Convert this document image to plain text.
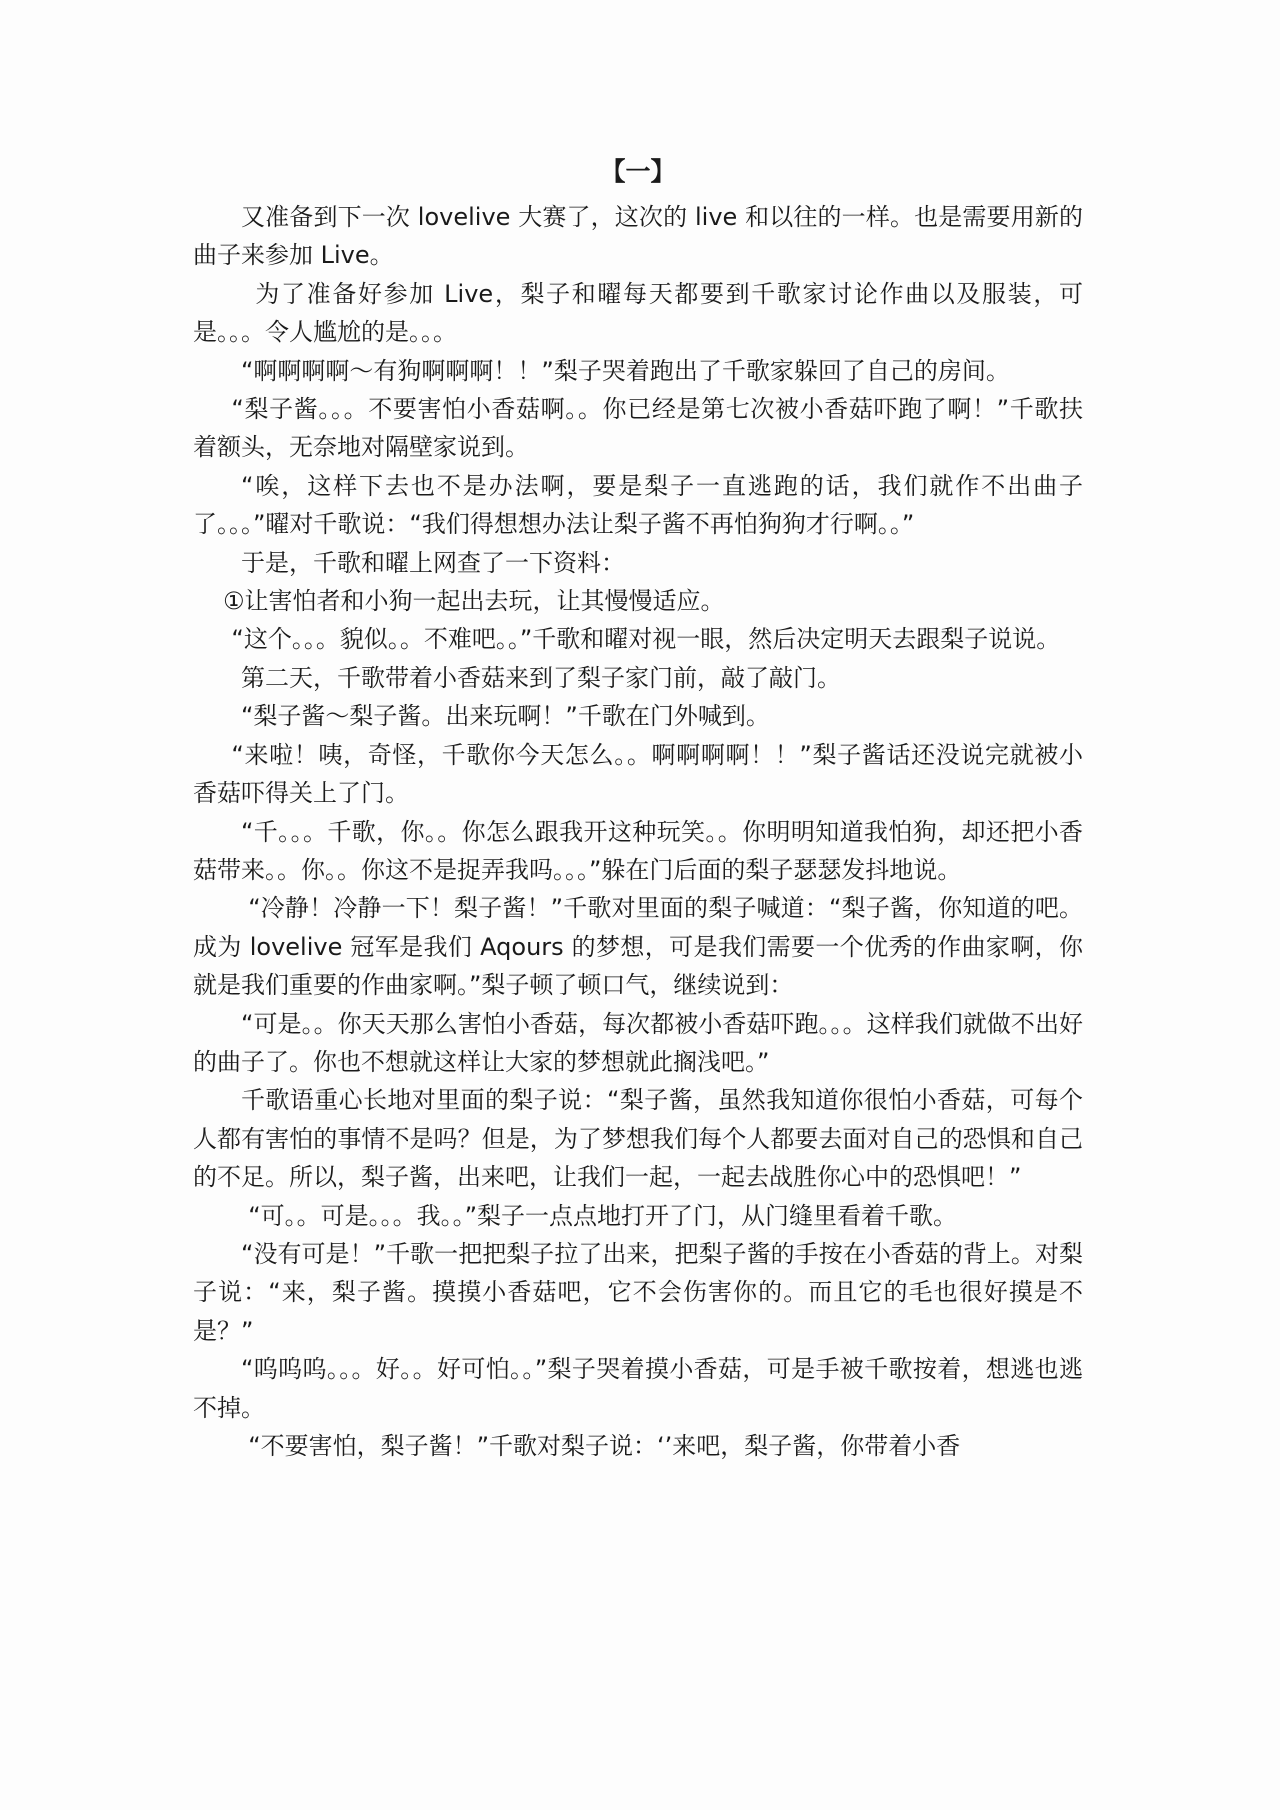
【一】

又准备到下一次 lovelive 大赛了，这次的 live 和以往的一样。也是需要用新的曲子来参加 Live。

为了准备好参加 Live，梨子和曜每天都要到千歌家讨论作曲以及服装，可是。。。令人尴尬的是。。。

“啊啊啊啊～有狗啊啊啊！！”梨子哭着跑出了千歌家躲回了自己的房间。

“梨子酱。。。不要害怕小香菇啊。。你已经是第七次被小香菇吓跑了啊！”千歌扶着额头，无奈地对隔壁家说到。

“唉，这样下去也不是办法啊，要是梨子一直逃跑的话，我们就作不出曲子了。。。”曜对千歌说：“我们得想想办法让梨子酱不再怕狗狗才行啊。。”

于是，千歌和曜上网查了一下资料：

①让害怕者和小狗一起出去玩，让其慢慢适应。

“这个。。。貌似。。不难吧。。”千歌和曜对视一眼，然后决定明天去跟梨子说说。

第二天，千歌带着小香菇来到了梨子家门前，敲了敲门。

“梨子酱～梨子酱。出来玩啊！”千歌在门外喊到。

“来啦！咦，奇怪，千歌你今天怎么。。啊啊啊啊！！”梨子酱话还没说完就被小香菇吓得关上了门。

“千。。。千歌，你。。你怎么跟我开这种玩笑。。你明明知道我怕狗，却还把小香菇带来。。你。。你这不是捉弄我吗。。。”躲在门后面的梨子瑟瑟发抖地说。

“冷静！冷静一下！梨子酱！”千歌对里面的梨子喊道：“梨子酱，你知道的吧。成为 lovelive 冠军是我们 Aqours 的梦想，可是我们需要一个优秀的作曲家啊，你就是我们重要的作曲家啊。”梨子顿了顿口气，继续说到：

“可是。。你天天那么害怕小香菇，每次都被小香菇吓跑。。。这样我们就做不出好的曲子了。你也不想就这样让大家的梦想就此搁浅吧。”

千歌语重心长地对里面的梨子说：“梨子酱，虽然我知道你很怕小香菇，可每个人都有害怕的事情不是吗？但是，为了梦想我们每个人都要去面对自己的恐惧和自己的不足。所以，梨子酱，出来吧，让我们一起，一起去战胜你心中的恐惧吧！”

“可。。可是。。。我。。”梨子一点点地打开了门，从门缝里看着千歌。

“没有可是！”千歌一把把梨子拉了出来，把梨子酱的手按在小香菇的背上。对梨子说：“来，梨子酱。摸摸小香菇吧，它不会伤害你的。而且它的毛也很好摸是不是？”

“呜呜呜。。。好。。好可怕。。”梨子哭着摸小香菇，可是手被千歌按着，想逃也逃不掉。

“不要害怕，梨子酱！”千歌对梨子说：‘’来吧，梨子酱，你带着小香
